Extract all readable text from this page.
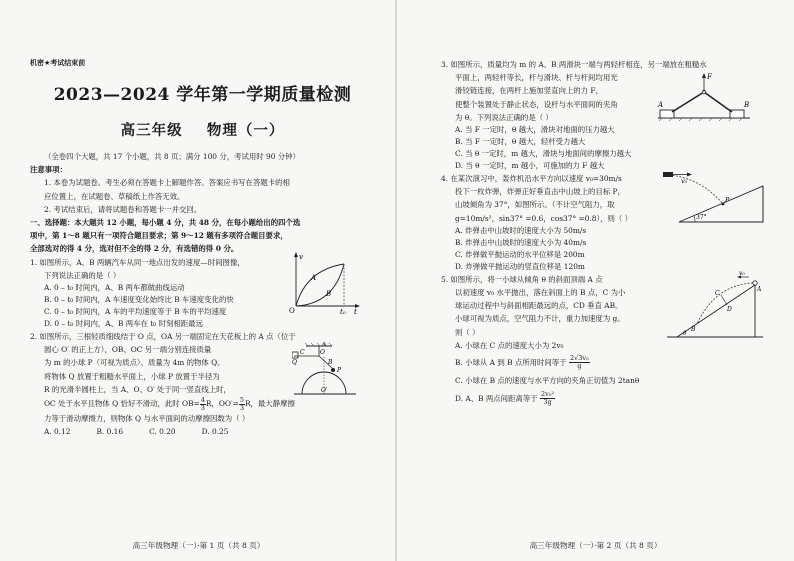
机密★考试结束前

2023—2024 学年第一学期质量检测

高三年级    物理（一）

（全卷四个大题，共 17 个小题，共 8 页；满分 100 分，考试用时 90 分钟）

注意事项：

1. 本卷为试题卷。考生必须在答题卡上解题作答。答案应书写在答题卡的相

应位置上，在试题卷、草稿纸上作答无效。

2. 考试结束后，请将试题卷和答题卡一并交回。

一、选择题：本大题共 12 小题，每小题 4 分，共 48 分，在每小题给出的四个选

项中，第 1～8 题只有一项符合题目要求；第 9～12 题有多项符合题目要求，

全部选对的得 4 分，选对但不全的得 2 分，有选错的得 0 分。

1. 如图所示，A、B 两辆汽车从同一地点出发的速度—时间图像，

下列说法正确的是（ ）

A. 0 – t₀ 时间内，A、B 两车都做曲线运动

B. 0 – t₀ 时间内，A 车速度变化始终比 B 车速度变化的快

C. 0 – t₀ 时间内，A 车的平均速度等于 B 车的平均速度

D. 0 – t₀ 时间内，A、B 两车在 t₀ 时刻相距最远

v
t
O	t₀
A
B

2. 如图所示，三根轻质细线结于 O 点，OA 另一端固定在天花板上的 A 点（位于

圆心 O′ 的正上方），OB、OC 另一端分别连接质量

为 m 的小球 P（可视为质点）、质量为 4m 的物体 Q。

将物体 Q 放置于粗糙水平面上，小球 P 放置于半径为

R 的光滑半圆柱上，当 A、O、O′ 处于同一竖直线上时，

OC 处于水平且物体 Q 恰好不滑动，此时 $OB= \frac{4}{3}$ R，$OO'= \frac{5}{3}$ R，最大静摩擦

力等于滑动摩擦力，则物体 Q 与水平面间的动摩擦因数为（ ）

A. 0.12	B. 0.16	C. 0.20	D. 0.25
A
O
C
Q	B
P
O′

高三年级物理（一）·第 1 页（共 8 页）

3. 如图所示，质量均为 m 的 A、B 两滑块一端与两轻杆相连，另一端放在粗糙水

平面上，两轻杆等长，杆与滑块、杆与杆间均用光

滑铰链连接，在两杆上施加竖直向上的力 F，

使整个装置处于静止状态，设杆与水平面间的夹角

为 θ。下列说法正确的是（ ）

A. 当 F 一定时，θ 越大，滑块对地面的压力越大

B. 当 F 一定时，θ 越大，轻杆受力越大

C. 当 θ 一定时，m 越大，滑块与地面间的摩擦力越大

D. 当 θ 一定时，m 越小，可施加的力 F 越大

F
A	B

4. 在某次演习中，轰炸机沿水平方向以速度 v₀=30m/s

投下一枚炸弹，炸弹正好垂直击中山坡上的目标 P，

山坡倾角为 37°，如图所示。（不计空气阻力，取

g=10m/s²，sin37° =0.6，cos37° =0.8），则（ ）

A. 炸弹击中山坡时的速度大小为 50m/s

B. 炸弹击中山坡时的速度大小为 40m/s

C. 炸弹做平抛运动的水平位移是 200m

D. 炸弹做平抛运动的竖直位移是 120m

v₀
P
37°

5. 如图所示，将一小球从倾角 θ 的斜面顶端 A 点

以初速度 v₀ 水平抛出，落在斜面上的 B 点，C 为小

球运动过程中与斜面相距最远的点，CD 垂直 AB。

小球可视为质点，空气阻力不计，重力加速度为 g。

则（ ）

A. 小球在 C 点的速度大小为 2v₀

B. 小球从 A 到 B 点所用时间等于 $\frac{\text{2√3v₀}}{g}$

C. 小球在 B 点的速度与水平方向的夹角正切值为 2tanθ

D. A、B 两点间距离等于 $\frac{\text{2v₀²}}{3g}$

v₀
A
C
D
B
θ

高三年级物理（一）·第 2 页（共 8 页）
